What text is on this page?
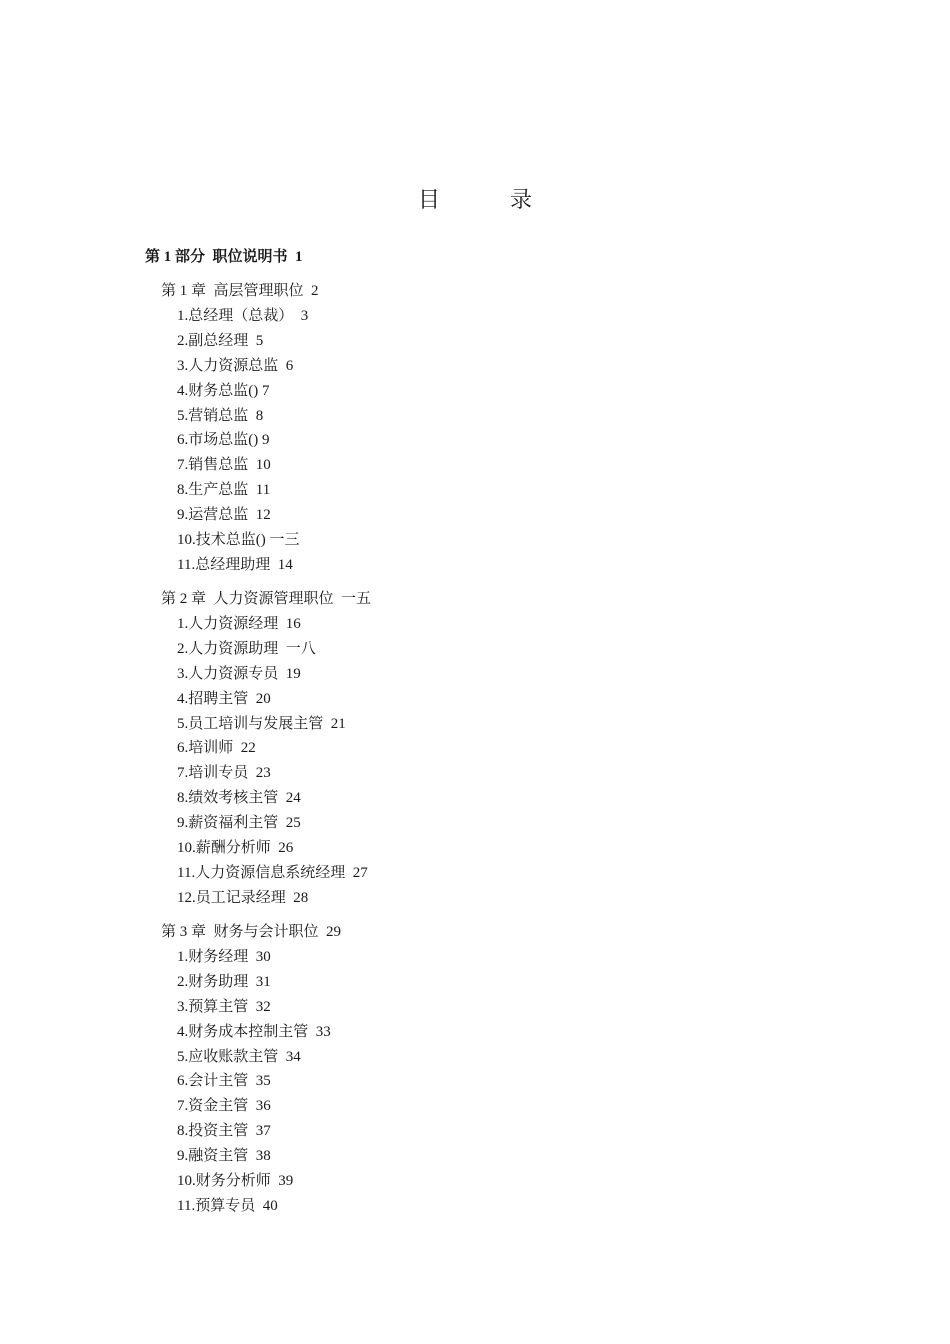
目　录
第 1 部分  职位说明书  1
第 1 章  高层管理职位  2
1.总经理（总裁）  3
2.副总经理  5
3.人力资源总监  6
4.财务总监() 7
5.营销总监  8
6.市场总监() 9
7.销售总监  10
8.生产总监  11
9.运营总监  12
10.技术总监() 一三
11.总经理助理  14
第 2 章  人力资源管理职位  一五
1.人力资源经理  16
2.人力资源助理  一八
3.人力资源专员  19
4.招聘主管  20
5.员工培训与发展主管  21
6.培训师  22
7.培训专员  23
8.绩效考核主管  24
9.薪资福利主管  25
10.薪酬分析师  26
11.人力资源信息系统经理  27
12.员工记录经理  28
第 3 章  财务与会计职位  29
1.财务经理  30
2.财务助理  31
3.预算主管  32
4.财务成本控制主管  33
5.应收账款主管  34
6.会计主管  35
7.资金主管  36
8.投资主管  37
9.融资主管  38
10.财务分析师  39
11.预算专员  40
